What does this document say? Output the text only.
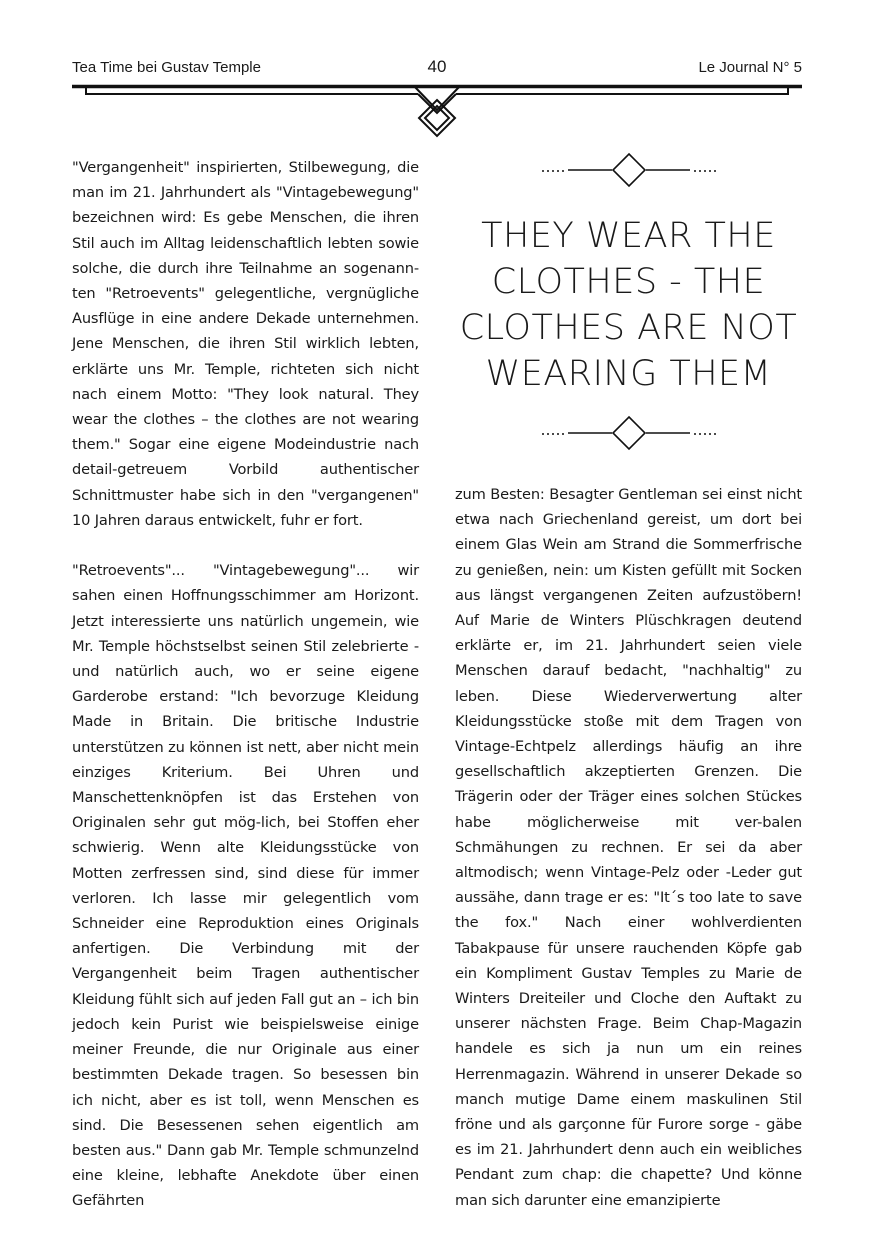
Tea Time bei Gustav Temple	40	Le Journal N° 5

"Vergangenheit" inspirierten, Stilbewegung, die man im 21. Jahrhundert als "Vintagebewegung" bezeichnen wird: Es gebe Menschen, die ihren Stil auch im Alltag leidenschaftlich lebten sowie solche, die durch ihre Teilnahme an sogenann-ten "Retroevents" gelegentliche, vergnügliche Ausflüge in eine andere Dekade unternehmen. Jene Menschen, die ihren Stil wirklich lebten, erklärte uns Mr. Temple, richteten sich nicht nach einem Motto: "They look natural. They wear the clothes – the clothes are not wearing them." Sogar eine eigene Modeindustrie nach detail-getreuem Vorbild authentischer Schnittmuster habe sich in den "vergangenen" 10 Jahren daraus entwickelt, fuhr er fort.

"Retroevents"... "Vintagebewegung"... wir sahen einen Hoffnungsschimmer am Horizont. Jetzt interessierte uns natürlich ungemein, wie Mr. Temple höchstselbst seinen Stil zelebrierte - und natürlich auch, wo er seine eigene Garderobe erstand: "Ich bevorzuge Kleidung Made in Britain. Die britische Industrie unterstützen zu können ist nett, aber nicht mein einziges Kriterium. Bei Uhren und Manschettenknöpfen ist das Erstehen von Originalen sehr gut mög-lich, bei Stoffen eher schwierig. Wenn alte Kleidungsstücke von Motten zerfressen sind, sind diese für immer verloren. Ich lasse mir gelegentlich vom Schneider eine Reproduktion eines Originals anfertigen. Die Verbindung mit der Vergangenheit beim Tragen authentischer Kleidung fühlt sich auf jeden Fall gut an – ich bin jedoch kein Purist wie beispielsweise einige meiner Freunde, die nur Originale aus einer bestimmten Dekade tragen. So besessen bin ich nicht, aber es ist toll, wenn Menschen es sind. Die Besessenen sehen eigentlich am besten aus." Dann gab Mr. Temple schmunzelnd eine kleine, lebhafte Anekdote über einen Gefährten

THEY WEAR THE
CLOTHES - THE
CLOTHES ARE NOT
WEARING THEM

zum Besten: Besagter Gentleman sei einst nicht etwa nach Griechenland gereist, um dort bei einem Glas Wein am Strand die Sommerfrische zu genießen, nein: um Kisten gefüllt mit Socken aus längst vergangenen Zeiten aufzustöbern! Auf Marie de Winters Plüschkragen deutend erklärte er, im 21. Jahrhundert seien viele Menschen darauf bedacht, "nachhaltig" zu leben. Diese Wiederverwertung alter Kleidungsstücke stoße mit dem Tragen von Vintage-Echtpelz allerdings häufig an ihre gesellschaftlich akzeptierten Grenzen. Die Trägerin oder der Träger eines solchen Stückes habe möglicherweise mit ver-balen Schmähungen zu rechnen. Er sei da aber altmodisch; wenn Vintage-Pelz oder -Leder gut aussähe, dann trage er es: "It´s too late to save the fox." Nach einer wohlverdienten Tabakpause für unsere rauchenden Köpfe gab ein Kompliment Gustav Temples zu Marie de Winters Dreiteiler und Cloche den Auftakt zu unserer nächsten Frage. Beim Chap-Magazin handele es sich ja nun um ein reines Herrenmagazin. Während in unserer Dekade so manch mutige Dame einem maskulinen Stil fröne und als garçonne für Furore sorge - gäbe es im 21. Jahrhundert denn auch ein weibliches Pendant zum chap: die chapette? Und könne man sich darunter eine emanzipierte
